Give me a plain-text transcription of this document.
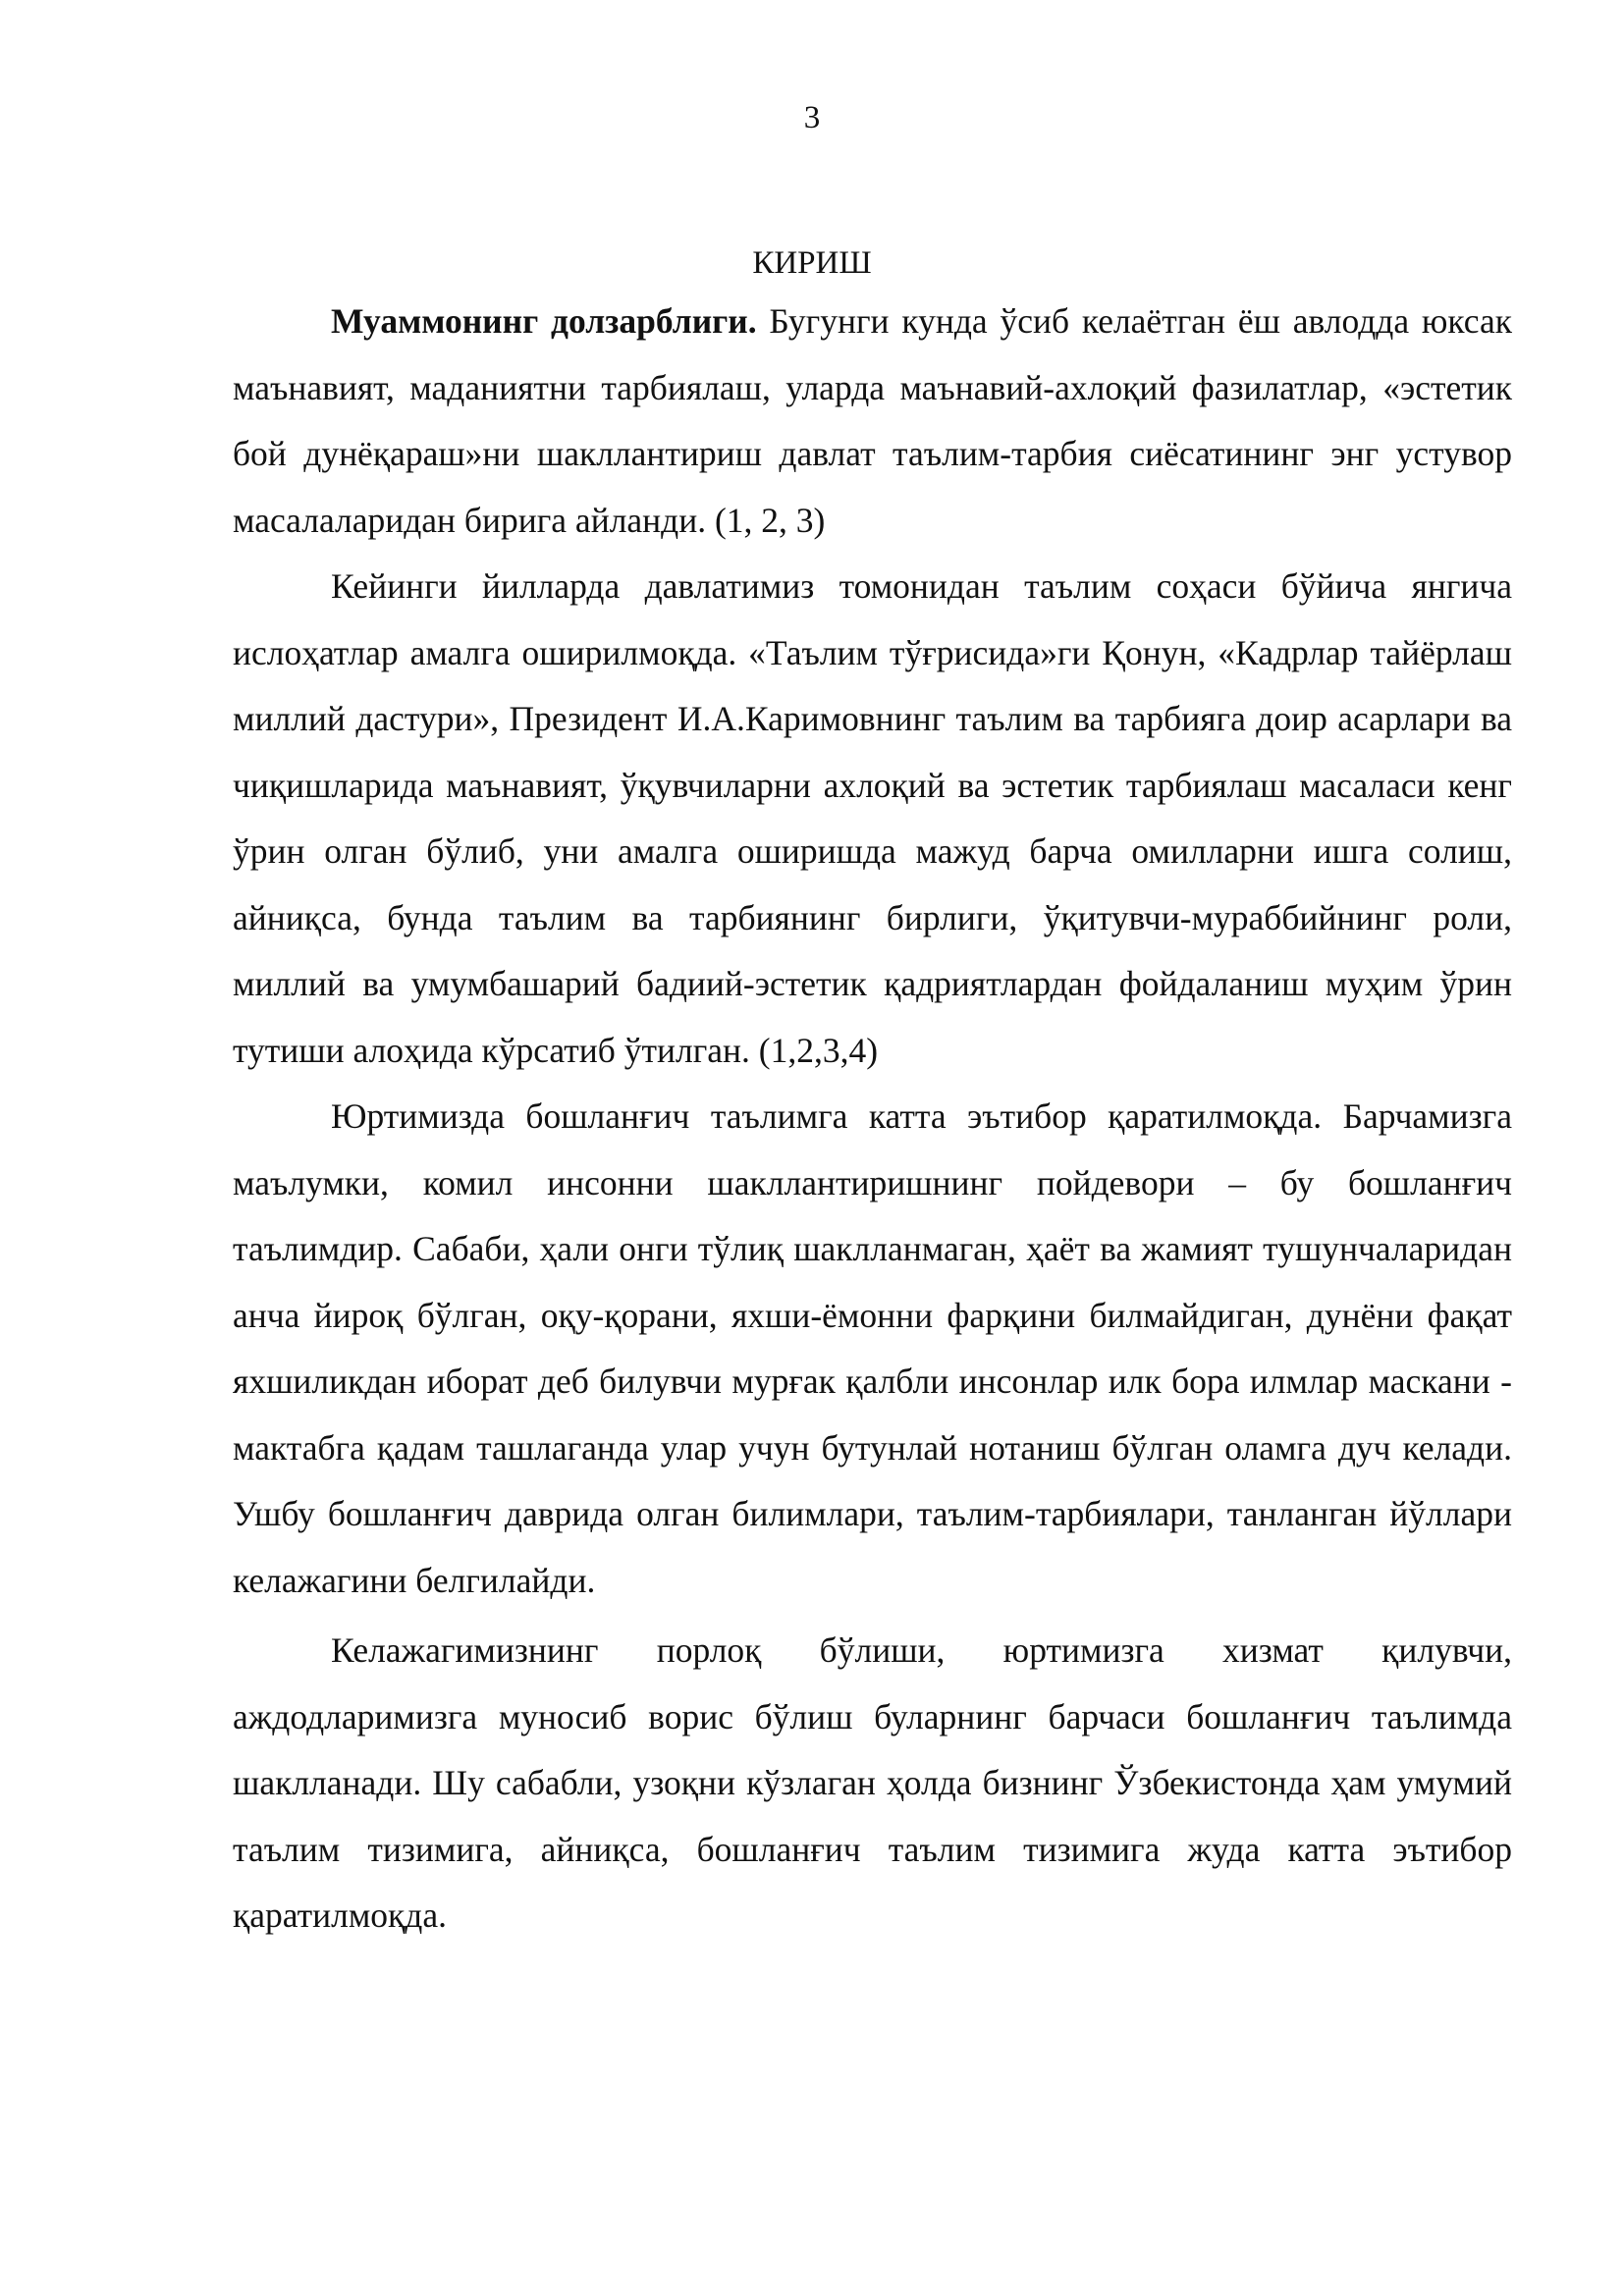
3
КИРИШ

Муаммонинг долзарблиги. Бугунги кунда ўсиб келаётган ёш авлодда юксак маънавият, маданиятни тарбиялаш, уларда маънавий-ахлоқий фазилатлар, «эстетик бой дунёқараш»ни шакллантириш давлат таълим-тарбия сиёсатининг энг устувор масалаларидан бирига айланди. (1, 2, 3)

Кейинги йилларда давлатимиз томонидан таълим соҳаси бўйича янгича ислоҳатлар амалга оширилмоқда. «Таълим тўғрисида»ги Қонун, «Кадрлар тайёрлаш миллий дастури», Президент И.А.Каримовнинг таълим ва тарбияга доир асарлари ва чиқишларида маънавият, ўқувчиларни ахлоқий ва эстетик тарбиялаш масаласи кенг ўрин олган бўлиб, уни амалга оширишда мажуд барча омилларни ишга солиш, айниқса, бунда таълим ва тарбиянинг бирлиги, ўқитувчи-мураббийнинг роли, миллий ва умумбашарий бадиий-эстетик қадриятлардан фойдаланиш муҳим ўрин тутиши алоҳида кўрсатиб ўтилган. (1,2,3,4)

Юртимизда бошланғич таълимга катта эътибор қаратилмоқда. Барчамизга маълумки, комил инсонни шакллантиришнинг пойдевори – бу бошланғич таълимдир. Сабаби, ҳали онги тўлиқ шаклланмаган, ҳаёт ва жамият тушунчаларидан анча йироқ бўлган, оқу-қорани, яхши-ёмонни фарқини билмайдиган, дунёни фақат яхшиликдан иборат деб билувчи мурғак қалбли инсонлар илк бора илмлар маскани - мактабга қадам ташлаганда улар учун бутунлай нотаниш бўлган оламга дуч келади. Ушбу бошланғич даврида олган билимлари, таълим-тарбиялари, танланган йўллари келажагини белгилайди.

Келажагимизнинг порлоқ бўлиши, юртимизга хизмат қилувчи, аждодларимизга муносиб ворис бўлиш буларнинг барчаси бошланғич таълимда шаклланади. Шу сабабли, узоқни кўзлаган ҳолда бизнинг Ўзбекистонда ҳам умумий таълим тизимига, айниқса, бошланғич таълим тизимига жуда катта эътибор қаратилмоқда.
